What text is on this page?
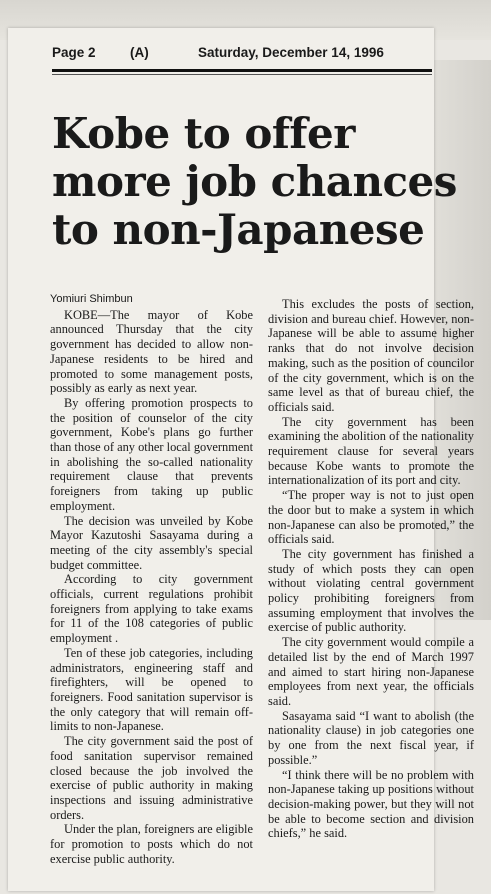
Page 2	(A)	Saturday, December 14, 1996
Kobe to offer
more job chances
to non-Japanese
Yomiuri Shimbun

KOBE—The mayor of Kobe announced Thursday that the city government has decided to allow non-Japanese residents to be hired and promoted to some management posts, possibly as early as next year.

By offering promotion prospects to the position of counselor of the city government, Kobe's plans go further than those of any other local government in abolishing the so-called nationality requirement clause that prevents foreigners from taking up public employment.

The decision was unveiled by Kobe Mayor Kazutoshi Sasayama during a meeting of the city assembly's special budget committee.

According to city government officials, current regulations prohibit foreigners from applying to take exams for 11 of the 108 categories of public employment .

Ten of these job categories, including administrators, engineering staff and firefighters, will be opened to foreigners. Food sanitation supervisor is the only category that will remain off-limits to non-Japanese.

The city government said the post of food sanitation supervisor remained closed because the job involved the exercise of public authority in making inspections and issuing administrative orders.

Under the plan, foreigners are eligible for promotion to posts which do not exercise public authority.

This excludes the posts of section, division and bureau chief. However, non-Japanese will be able to assume higher ranks that do not involve decision making, such as the position of councilor of the city government, which is on the same level as that of bureau chief, the officials said.

The city government has been examining the abolition of the nationality requirement clause for several years because Kobe wants to promote the internationalization of its port and city.

“The proper way is not to just open the door but to make a system in which non-Japanese can also be promoted,” the officials said.

The city government has finished a study of which posts they can open without violating central government policy prohibiting foreigners from assuming employment that involves the exercise of public authority.

The city government would compile a detailed list by the end of March 1997 and aimed to start hiring non-Japanese employees from next year, the officials said.

Sasayama said “I want to abolish (the nationality clause) in job categories one by one from the next fiscal year, if possible.”

“I think there will be no problem with non-Japanese taking up positions without decision-making power, but they will not be able to become section and division chiefs,” he said.
